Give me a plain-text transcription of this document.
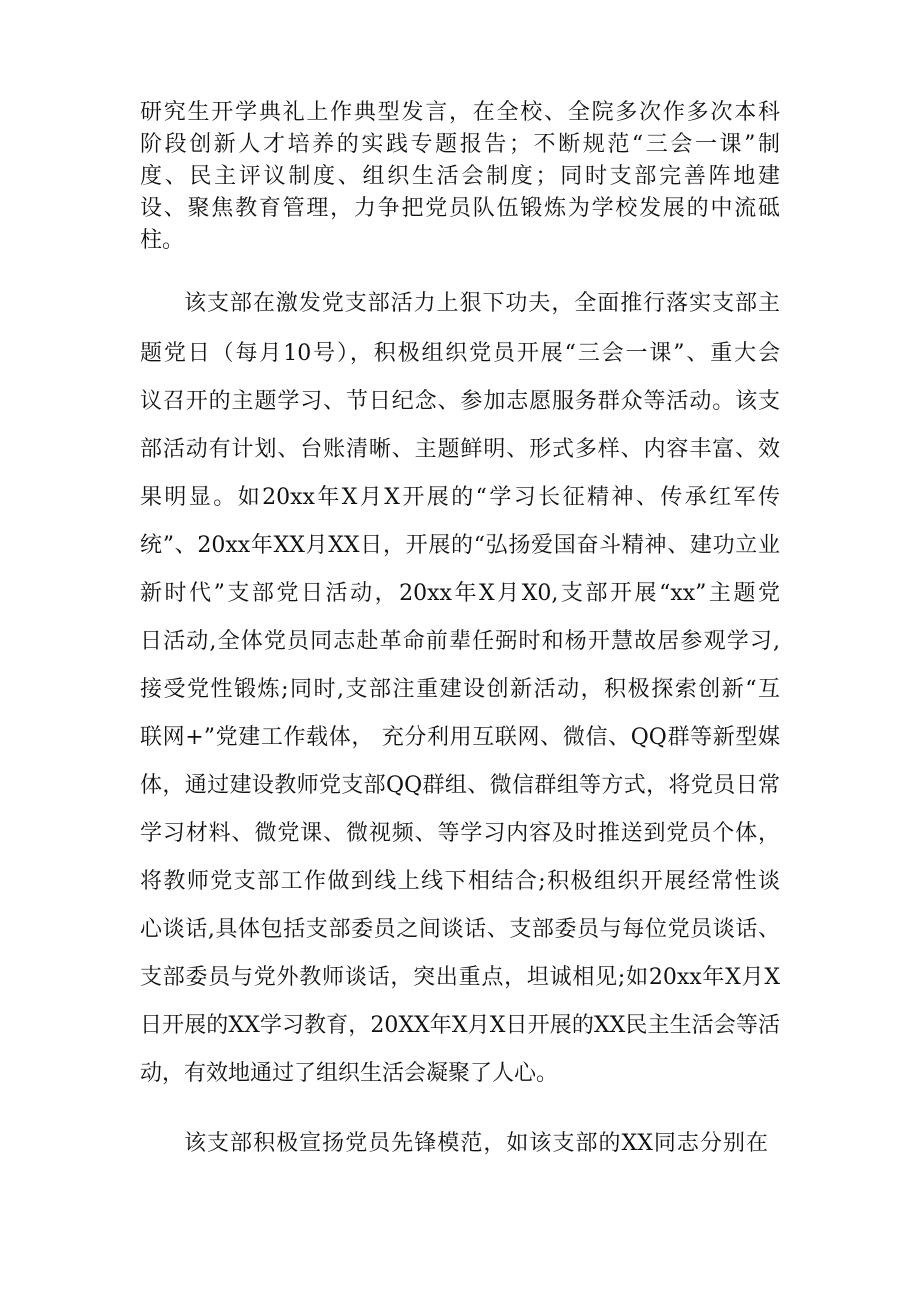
研究生开学典礼上作典型发言，在全校、全院多次作多次本科
阶段创新人才培养的实践专题报告；不断规范“三会一课”制
度、民主评议制度、组织生活会制度；同时支部完善阵地建
设、聚焦教育管理，力争把党员队伍锻炼为学校发展的中流砥
柱。
该支部在激发党支部活力上狠下功夫，全面推行落实支部主
题党日（每月10号），积极组织党员开展“三会一课”、重大会
议召开的主题学习、节日纪念、参加志愿服务群众等活动。该支
部活动有计划、台账清晰、主题鲜明、形式多样、内容丰富、效
果明显。如20xx年X月X开展的“学习长征精神、传承红军传
统”、20xx年XX月XX日，开展的“弘扬爱国奋斗精神、建功立业
新时代”支部党日活动，20xx年X月X0,支部开展“xx”主题党
日活动,全体党员同志赴革命前辈任弼时和杨开慧故居参观学习,
接受党性锻炼;同时,支部注重建设创新活动，积极探索创新“互
联网+”党建工作载体， 充分利用互联网、微信、QQ群等新型媒
体，通过建设教师党支部QQ群组、微信群组等方式，将党员日常
学习材料、微党课、微视频、等学习内容及时推送到党员个体，
将教师党支部工作做到线上线下相结合;积极组织开展经常性谈
心谈话,具体包括支部委员之间谈话、支部委员与每位党员谈话、
支部委员与党外教师谈话，突出重点，坦诚相见;如20xx年X月X
日开展的XX学习教育，20XX年X月X日开展的XX民主生活会等活
动，有效地通过了组织生活会凝聚了人心。
该支部积极宣扬党员先锋模范，如该支部的XX同志分别在
